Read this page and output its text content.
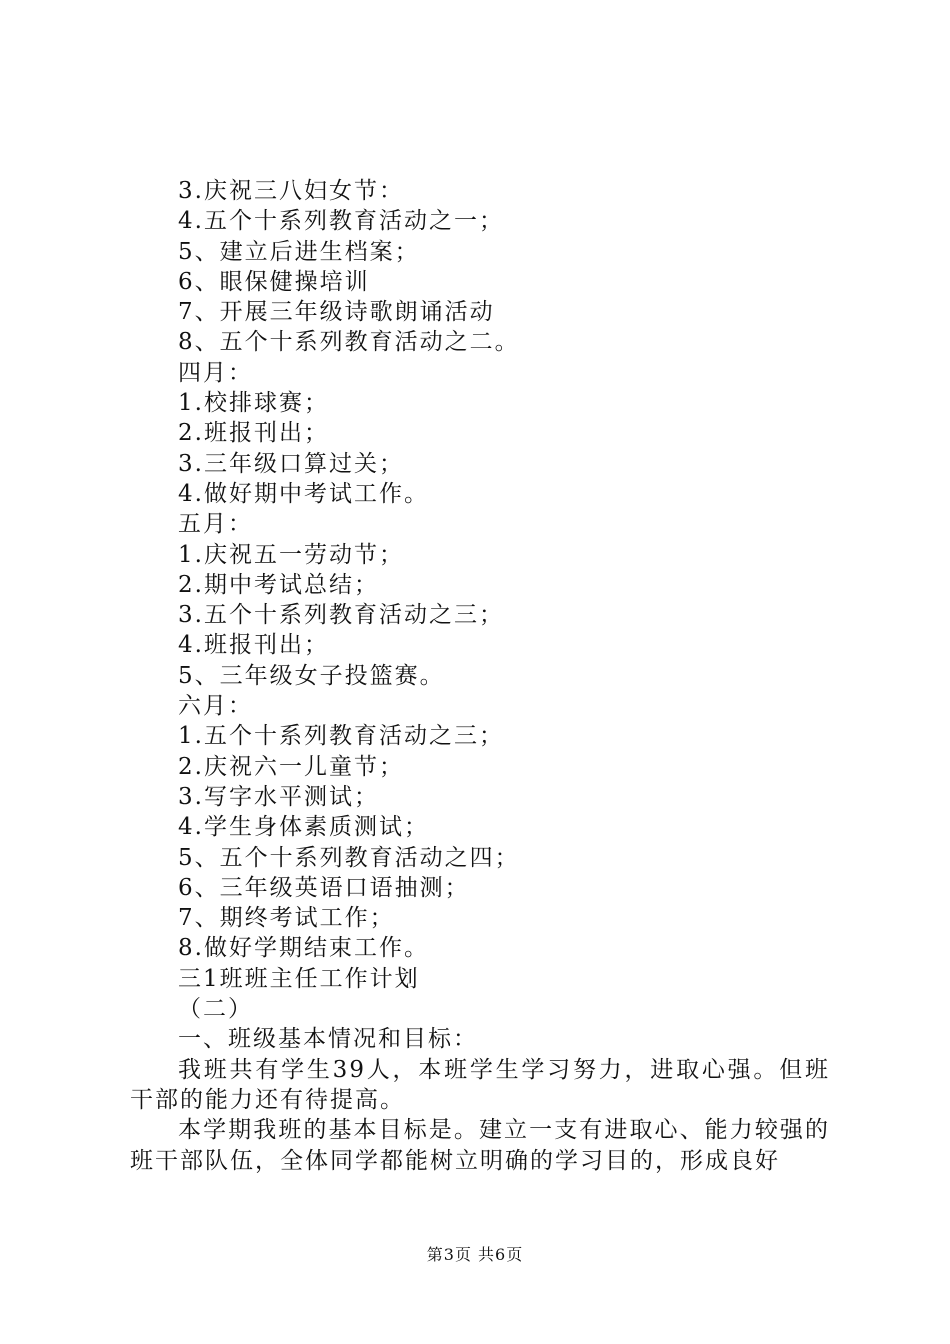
3.庆祝三八妇女节：
4.五个十系列教育活动之一；
5、建立后进生档案；
6、眼保健操培训
7、开展三年级诗歌朗诵活动
8、五个十系列教育活动之二。
四月：
1.校排球赛；
2.班报刊出；
3.三年级口算过关；
4.做好期中考试工作。
五月：
1.庆祝五一劳动节；
2.期中考试总结；
3.五个十系列教育活动之三；
4.班报刊出；
5、三年级女子投篮赛。
六月：
1.五个十系列教育活动之三；
2.庆祝六一儿童节；
3.写字水平测试；
4.学生身体素质测试；
5、五个十系列教育活动之四；
6、三年级英语口语抽测；
7、期终考试工作；
8.做好学期结束工作。
三1班班主任工作计划
（二）
一、班级基本情况和目标：
我班共有学生39人，本班学生学习努力，进取心强。但班干部的能力还有待提高。
本学期我班的基本目标是。建立一支有进取心、能力较强的班干部队伍，全体同学都能树立明确的学习目的，形成良好
第3页 共6页
